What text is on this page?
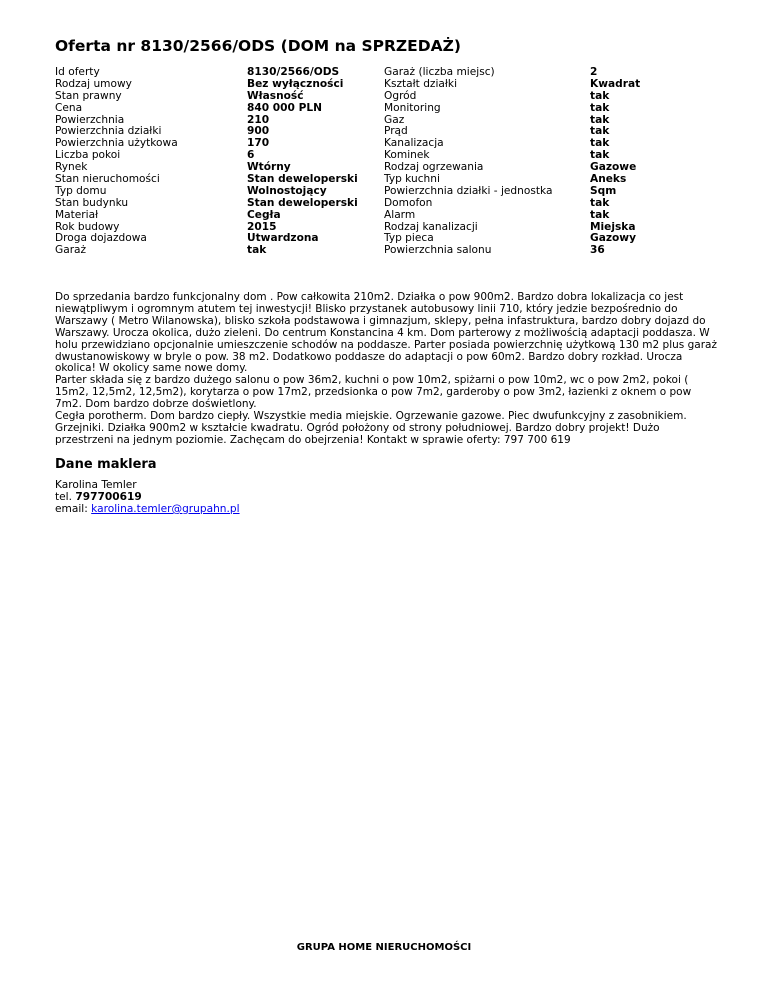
Oferta nr 8130/2566/ODS (DOM na SPRZEDAŻ)
Id oferty
Rodzaj umowy
Stan prawny
Cena
Powierzchnia
Powierzchnia działki
Powierzchnia użytkowa
Liczba pokoi
Rynek
Stan nieruchomości
Typ domu
Stan budynku
Materiał
Rok budowy
Droga dojazdowa
Garaż
8130/2566/ODS
Bez wyłączności
Własność
840 000 PLN
210
900
170
6
Wtórny
Stan deweloperski
Wolnostojący
Stan deweloperski
Cegła
2015
Utwardzona
tak
Garaż (liczba miejsc)
Kształt działki
Ogród
Monitoring
Gaz
Prąd
Kanalizacja
Kominek
Rodzaj ogrzewania
Typ kuchni
Powierzchnia działki - jednostka
Domofon
Alarm
Rodzaj kanalizacji
Typ pieca
Powierzchnia salonu
2
Kwadrat
tak
tak
tak
tak
tak
tak
Gazowe
Aneks
Sqm
tak
tak
Miejska
Gazowy
36

Do sprzedania bardzo funkcjonalny dom . Pow całkowita 210m2. Działka o pow 900m2. Bardzo dobra lokalizacja co jest niewątpliwym i ogromnym atutem tej inwestycji! Blisko przystanek autobusowy linii 710, który jedzie bezpośrednio do Warszawy ( Metro Wilanowska), blisko szkoła podstawowa i gimnazjum, sklepy, pełna infastruktura, bardzo dobry dojazd do Warszawy. Urocza okolica, dużo zieleni. Do centrum Konstancina 4 km. Dom parterowy z możliwością adaptacji poddasza. W holu przewidziano opcjonalnie umieszczenie schodów na poddasze. Parter posiada powierzchnię użytkową 130 m2 plus garaż dwustanowiskowy w bryle o pow. 38 m2. Dodatkowo poddasze do adaptacji o pow 60m2. Bardzo dobry rozkład. Urocza okolica! W okolicy same nowe domy.

Parter składa się z bardzo dużego salonu o pow 36m2, kuchni o pow 10m2, spiżarni o pow 10m2, wc o pow 2m2, pokoi ( 15m2, 12,5m2, 12,5m2), korytarza o pow 17m2, przedsionka o pow 7m2, garderoby o pow 3m2, łazienki z oknem o pow 7m2. Dom bardzo dobrze doświetlony.

Cegła porotherm. Dom bardzo ciepły. Wszystkie media miejskie. Ogrzewanie gazowe. Piec dwufunkcyjny z zasobnikiem. Grzejniki. Działka 900m2 w kształcie kwadratu. Ogród położony od strony południowej. Bardzo dobry projekt! Dużo przestrzeni na jednym poziomie. Zachęcam do obejrzenia! Kontakt w sprawie oferty: 797 700 619

Dane maklera
Karolina Temler
tel. 797700619
email: karolina.temler@grupahn.pl
GRUPA HOME NIERUCHOMOŚCI
